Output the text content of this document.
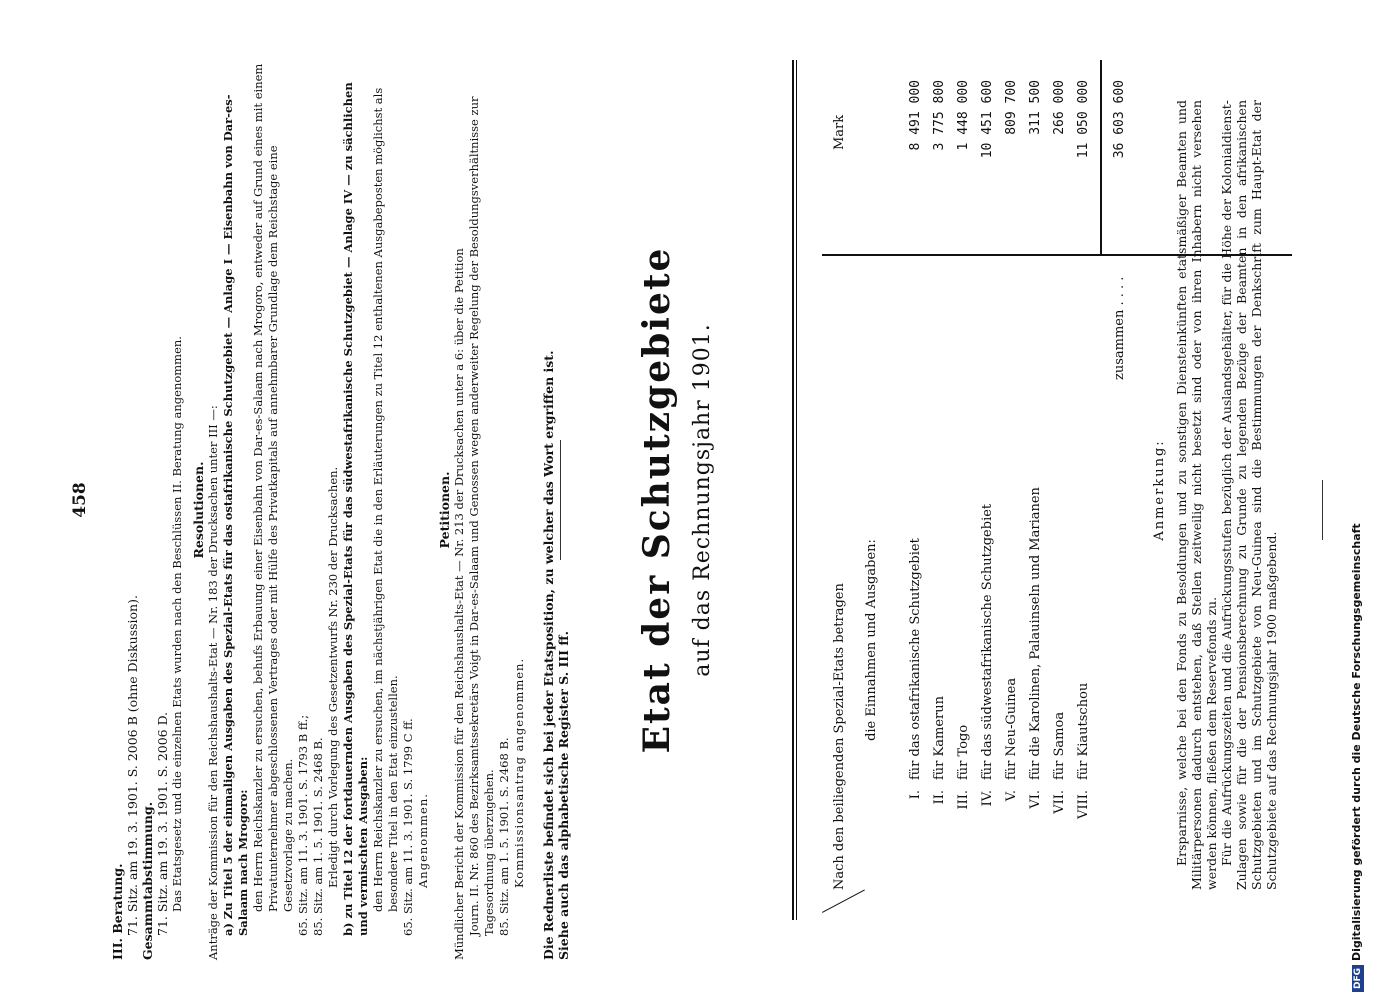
458

III. Beratung. 71. Sitz. am 19. 3. 1901. S. 2006 B (ohne Diskussion). Gesammtabstimmung. 71. Sitz. am 19. 3. 1901. S. 2006 D. Das Etatsgesetz und die einzelnen Etats wurden nach den Beschlüssen II. Beratung angenommen. Resolutionen. Anträge der Kommission für den Reichshaushalts-Etat — Nr. 183 der Drucksachen unter III —: a) Zu Titel 5 der einmaligen Ausgaben des Spezial-Etats für das ostafrikanische Schutzgebiet — Anlage I — Eisenbahn von Dar-es-Salaam nach Mrogoro: den Herrn Reichskanzler zu ersuchen, behufs Erbauung einer Eisenbahn von Dar-es-Salaam nach Mrogoro, entweder auf Grund eines mit einem Privatunternehmer abgeschlossenen Vertrages oder mit Hülfe des Privatkapitals auf annehmbarer Grundlage dem Reichstage eine Gesetzvorlage zu machen. 65. Sitz. am 11. 3. 1901. S. 1793 B ff.; 85. Sitz. am 1. 5. 1901. S. 2468 B. Erledigt durch Vorlegung des Gesetzentwurfs Nr. 230 der Drucksachen. b) zu Titel 12 der fortdauernden Ausgaben des Spezial-Etats für das südwestafrikanische Schutzgebiet — Anlage IV — zu sächlichen und vermischten Ausgaben: den Herrn Reichskanzler zu ersuchen, im nächstjährigen Etat die in den Erläuterungen zu Titel 12 enthaltenen Ausgabeposten möglichst als besondere Titel in den Etat einzustellen. 65. Sitz. am 11. 3. 1901. S. 1799 C ff. Angenommen.

Petitionen. Mündlicher Bericht der Kommission für den Reichshaushalts-Etat — Nr. 213 der Drucksachen unter a 6: über die Petition Journ. II. Nr. 860 des Bezirksamtssekretärs Voigt in Dar-es-Salaam und Genossen wegen anderweiter Regelung der Besoldungsverhältnisse zur Tagesordnung überzugehen. 85. Sitz. am 1. 5. 1901. S. 2468 B. Kommissionsantrag angenommen. Die Rednerliste befindet sich bei jeder Etatsposition, zu welcher das Wort ergriffen ist. Siehe auch das alphabetische Register S. III ff.

Etat der Schutzgebiete auf das Rechnungsjahr 1901.
Nach den beiliegenden Spezial-Etats betragen die Einnahmen und Ausgaben:
Mark
I.
für das ostafrikanische Schutzgebiet
8 491 000
II.
für Kamerun
3 775 800
III.
für Togo
1 448 000
IV.
für das südwestafrikanische Schutzgebiet
10 451 600
V.
für Neu-Guinea
809 700
VI.
für die Karolinen, Palauinseln und Marianen
311 500
VII.
für Samoa
266 000
VIII.
für Kiautschou
11 050 000
zusammen . . . .
36 603 600
Anmerkung: Ersparnisse, welche bei den Fonds zu Besoldungen und zu sonstigen Diensteinkünften etatsmäßiger Beamten und Militärpersonen dadurch entstehen, daß Stellen zeitweilig nicht besetzt sind oder von ihren Inhabern nicht versehen werden können, fließen dem Reservefonds zu. Für die Aufrückungszeiten und die Aufrückungsstufen bezüglich der Auslandsgehälter, für die Höhe der Kolonialdienst-Zulagen sowie für die der Pensionsberechnung zu Grunde zu legenden Bezüge der Beamten in den afrikanischen Schutzgebieten und im Schutzgebiete von Neu-Guinea sind die Bestimmungen der Denkschrift zum Haupt-Etat der Schutzgebiete auf das Rechnungsjahr 1900 maßgebend.

DFGDigitalisierung gefördert durch die Deutsche Forschungsgemeinschaft
